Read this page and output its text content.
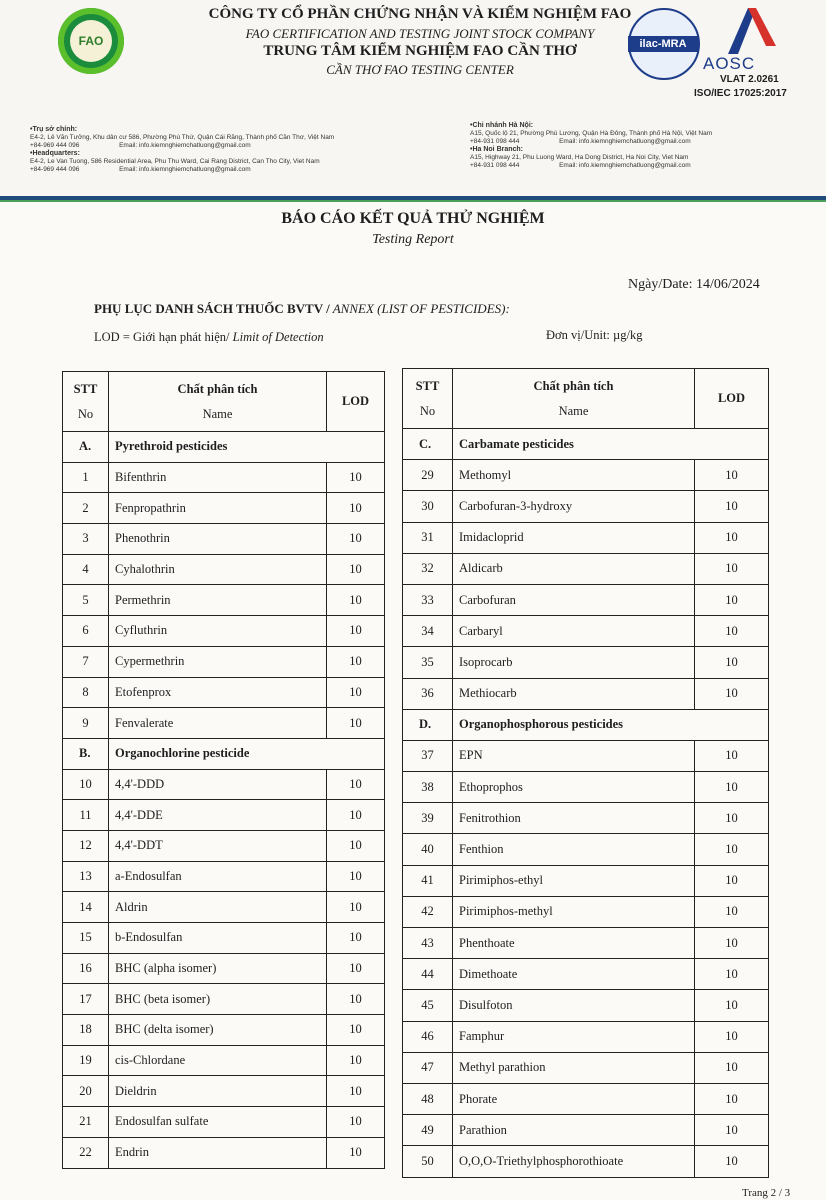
FAO
CÔNG TY CỔ PHẦN CHỨNG NHẬN VÀ KIỂM NGHIỆM FAO
FAO CERTIFICATION AND TESTING JOINT STOCK COMPANY
TRUNG TÂM KIỂM NGHIỆM FAO CẦN THƠ
CẦN THƠ FAO TESTING CENTER
ilac-MRA
AOSC
VLAT 2.0261
ISO/IEC 17025:2017
•Trụ sở chính:
E4-2, Lê Văn Tưởng, Khu dân cư 586, Phường Phú Thứ, Quận Cái Răng, Thành phố Cần Thơ, Việt Nam
+84-969 444 096	Email: info.kiemnghiemchatluong@gmail.com
•Headquarters:
E4-2, Le Van Tuong, 586 Residential Area, Phu Thu Ward, Cai Rang District, Can Tho City, Viet Nam
+84-969 444 096	Email: info.kiemnghiemchatluong@gmail.com
•Chi nhánh Hà Nội:
A15, Quốc lộ 21, Phường Phú Lương, Quận Hà Đông, Thành phố Hà Nội, Việt Nam
+84-931 098 444	Email: info.kiemnghiemchatluong@gmail.com
•Ha Noi Branch:
A15, Highway 21, Phu Luong Ward, Ha Dong District, Ha Noi City, Viet Nam
+84-931 098 444	Email: info.kiemnghiemchatluong@gmail.com
BÁO CÁO KẾT QUẢ THỬ NGHIỆM
Testing Report
Ngày/Date: 14/06/2024
PHỤ LỤC DANH SÁCH THUỐC BVTV / ANNEX (LIST OF PESTICIDES):
LOD = Giới hạn phát hiện/ Limit of Detection	Đơn vị/Unit: µg/kg
STT
No	Chất phân tích
Name	LOD
A.	Pyrethroid pesticides	
1	Bifenthrin	10
2	Fenpropathrin	10
3	Phenothrin	10
4	Cyhalothrin	10
5	Permethrin	10
6	Cyfluthrin	10
7	Cypermethrin	10
8	Etofenprox	10
9	Fenvalerate	10
B.	Organochlorine pesticide	
10	4,4'-DDD	10
11	4,4'-DDE	10
12	4,4'-DDT	10
13	a-Endosulfan	10
14	Aldrin	10
15	b-Endosulfan	10
16	BHC (alpha isomer)	10
17	BHC (beta isomer)	10
18	BHC (delta isomer)	10
19	cis-Chlordane	10
20	Dieldrin	10
21	Endosulfan sulfate	10
22	Endrin	10
STT
No	Chất phân tích
Name	LOD
C.	Carbamate pesticides	
29	Methomyl	10
30	Carbofuran-3-hydroxy	10
31	Imidacloprid	10
32	Aldicarb	10
33	Carbofuran	10
34	Carbaryl	10
35	Isoprocarb	10
36	Methiocarb	10
D.	Organophosphorous pesticides	
37	EPN	10
38	Ethoprophos	10
39	Fenitrothion	10
40	Fenthion	10
41	Pirimiphos-ethyl	10
42	Pirimiphos-methyl	10
43	Phenthoate	10
44	Dimethoate	10
45	Disulfoton	10
46	Famphur	10
47	Methyl parathion	10
48	Phorate	10
49	Parathion	10
50	O,O,O-Triethylphosphorothioate	10
Trang 2 / 3
